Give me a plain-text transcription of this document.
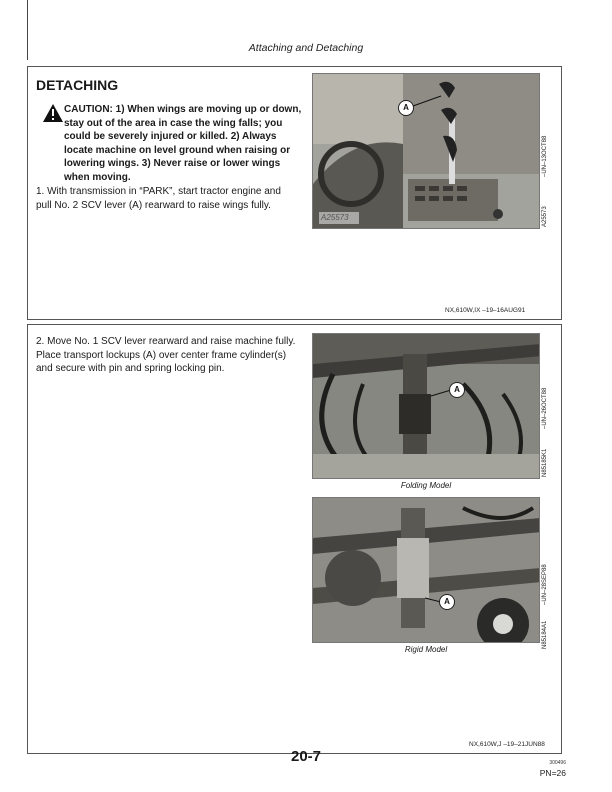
Attaching and Detaching
DETACHING
CAUTION: 1) When wings are moving up or down, stay out of the area in case the wing falls; you could be severely injured or killed. 2) Always locate machine on level ground when raising or lowering wings. 3) Never raise or lower wings when moving.
1. With transmission in “PARK”, start tractor engine and pull No. 2 SCV lever (A) rearward to raise wings fully.
A
A25573
–UN–13OCT88
A25573
NX,610W,IX –19–16AUG91
2. Move No. 1 SCV lever rearward and raise machine fully. Place transport lockups (A) over center frame cylinder(s) and secure with pin and spring locking pin.
A
Folding Model
–UN–26OCT88
N85185K1
A
Rigid Model
–UN–28SEP88
N85184A1
NX,610W,J –19–21JUN88
20-7	300496
PN=26
